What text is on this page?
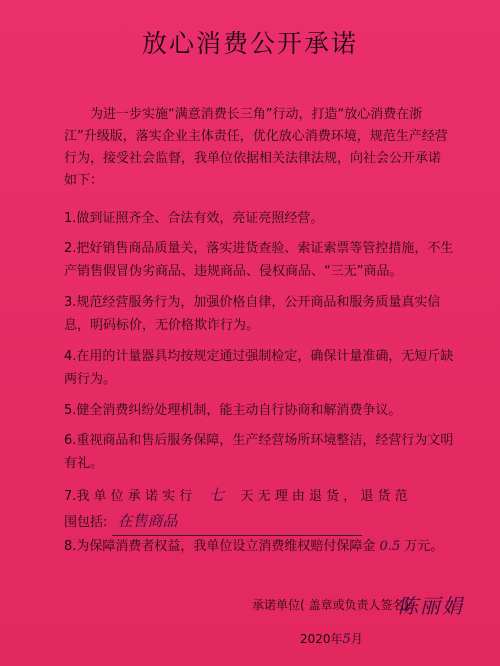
放心消费公开承诺

为进一步实施“满意消费长三角”行动，打造“放心消费在浙江”升级版，落实企业主体责任，优化放心消费环境，规范生产经营行为，接受社会监督，我单位依据相关法律法规，向社会公开承诺如下：

1.做到证照齐全、合法有效，亮证亮照经营。

2.把好销售商品质量关，落实进货查验、索证索票等管控措施，不生产销售假冒伪劣商品、违规商品、侵权商品、“三无”商品。

3.规范经营服务行为，加强价格自律，公开商品和服务质量真实信息，明码标价，无价格欺诈行为。

4.在用的计量器具均按规定通过强制检定，确保计量准确，无短斤缺两行为。

5.健全消费纠纷处理机制，能主动自行协商和解消费争议。

6.重视商品和售后服务保障，生产经营场所环境整洁，经营行为文明有礼。

7.我 单 位 承 诺 实 行 七 天 无 理 由 退 货 ， 退 货 范
围包括: 在售商品
8.为保障消费者权益，我单位设立消费维权赔付保障金 0.5 万元。
承诺单位( 盖章或负责人签名):
陈丽娟
2020年5月
